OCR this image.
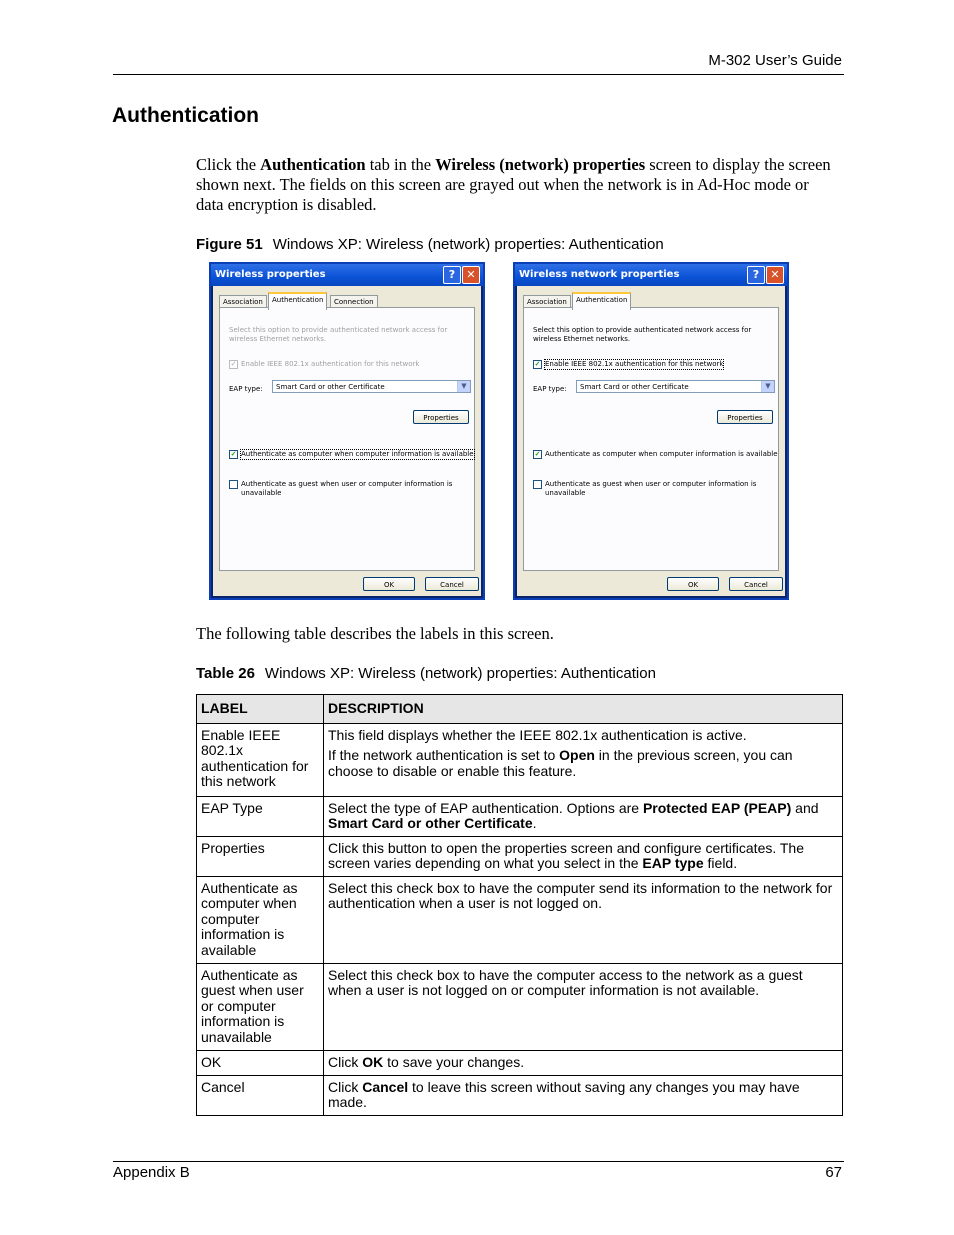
M-302 User’s Guide
Authentication

Click the Authentication tab in the Wireless (network) properties screen to display the screen shown next. The fields on this screen are grayed out when the network is in Ad-Hoc mode or data encryption is disabled.

Figure 51 Windows XP: Wireless (network) properties: Authentication
Wireless properties	?	✕
Association	Authentication	Connection
Select this option to provide authenticated network access for
wireless Ethernet networks.
✓ Enable IEEE 802.1x authentication for this network
EAP type:	Smart Card or other Certificate	▼
Properties
✓ Authenticate as computer when computer information is available
Authenticate as guest when user or computer information is
unavailable
OK	Cancel
Wireless network properties	?	✕
Association	Authentication
Select this option to provide authenticated network access for
wireless Ethernet networks.
✓ Enable IEEE 802.1x authentication for this network
EAP type:	Smart Card or other Certificate	▼
Properties
✓ Authenticate as computer when computer information is available
Authenticate as guest when user or computer information is
unavailable
OK	Cancel
The following table describes the labels in this screen.
Table 26 Windows XP: Wireless (network) properties: Authentication
LABEL	DESCRIPTION
Enable IEEE 802.1x authentication for this network	This field displays whether the IEEE 802.1x authentication is active.

If the network authentication is set to Open in the previous screen, you can choose to disable or enable this feature.

EAP Type	Select the type of EAP authentication. Options are Protected EAP (PEAP) and Smart Card or other Certificate.
Properties	Click this button to open the properties screen and configure certificates. The screen varies depending on what you select in the EAP type field.
Authenticate as computer when computer information is available	Select this check box to have the computer send its information to the network for authentication when a user is not logged on.
Authenticate as guest when user or computer information is unavailable	Select this check box to have the computer access to the network as a guest when a user is not logged on or computer information is not available.
OK	Click OK to save your changes.
Cancel	Click Cancel to leave this screen without saving any changes you may have made.
Appendix B	67
